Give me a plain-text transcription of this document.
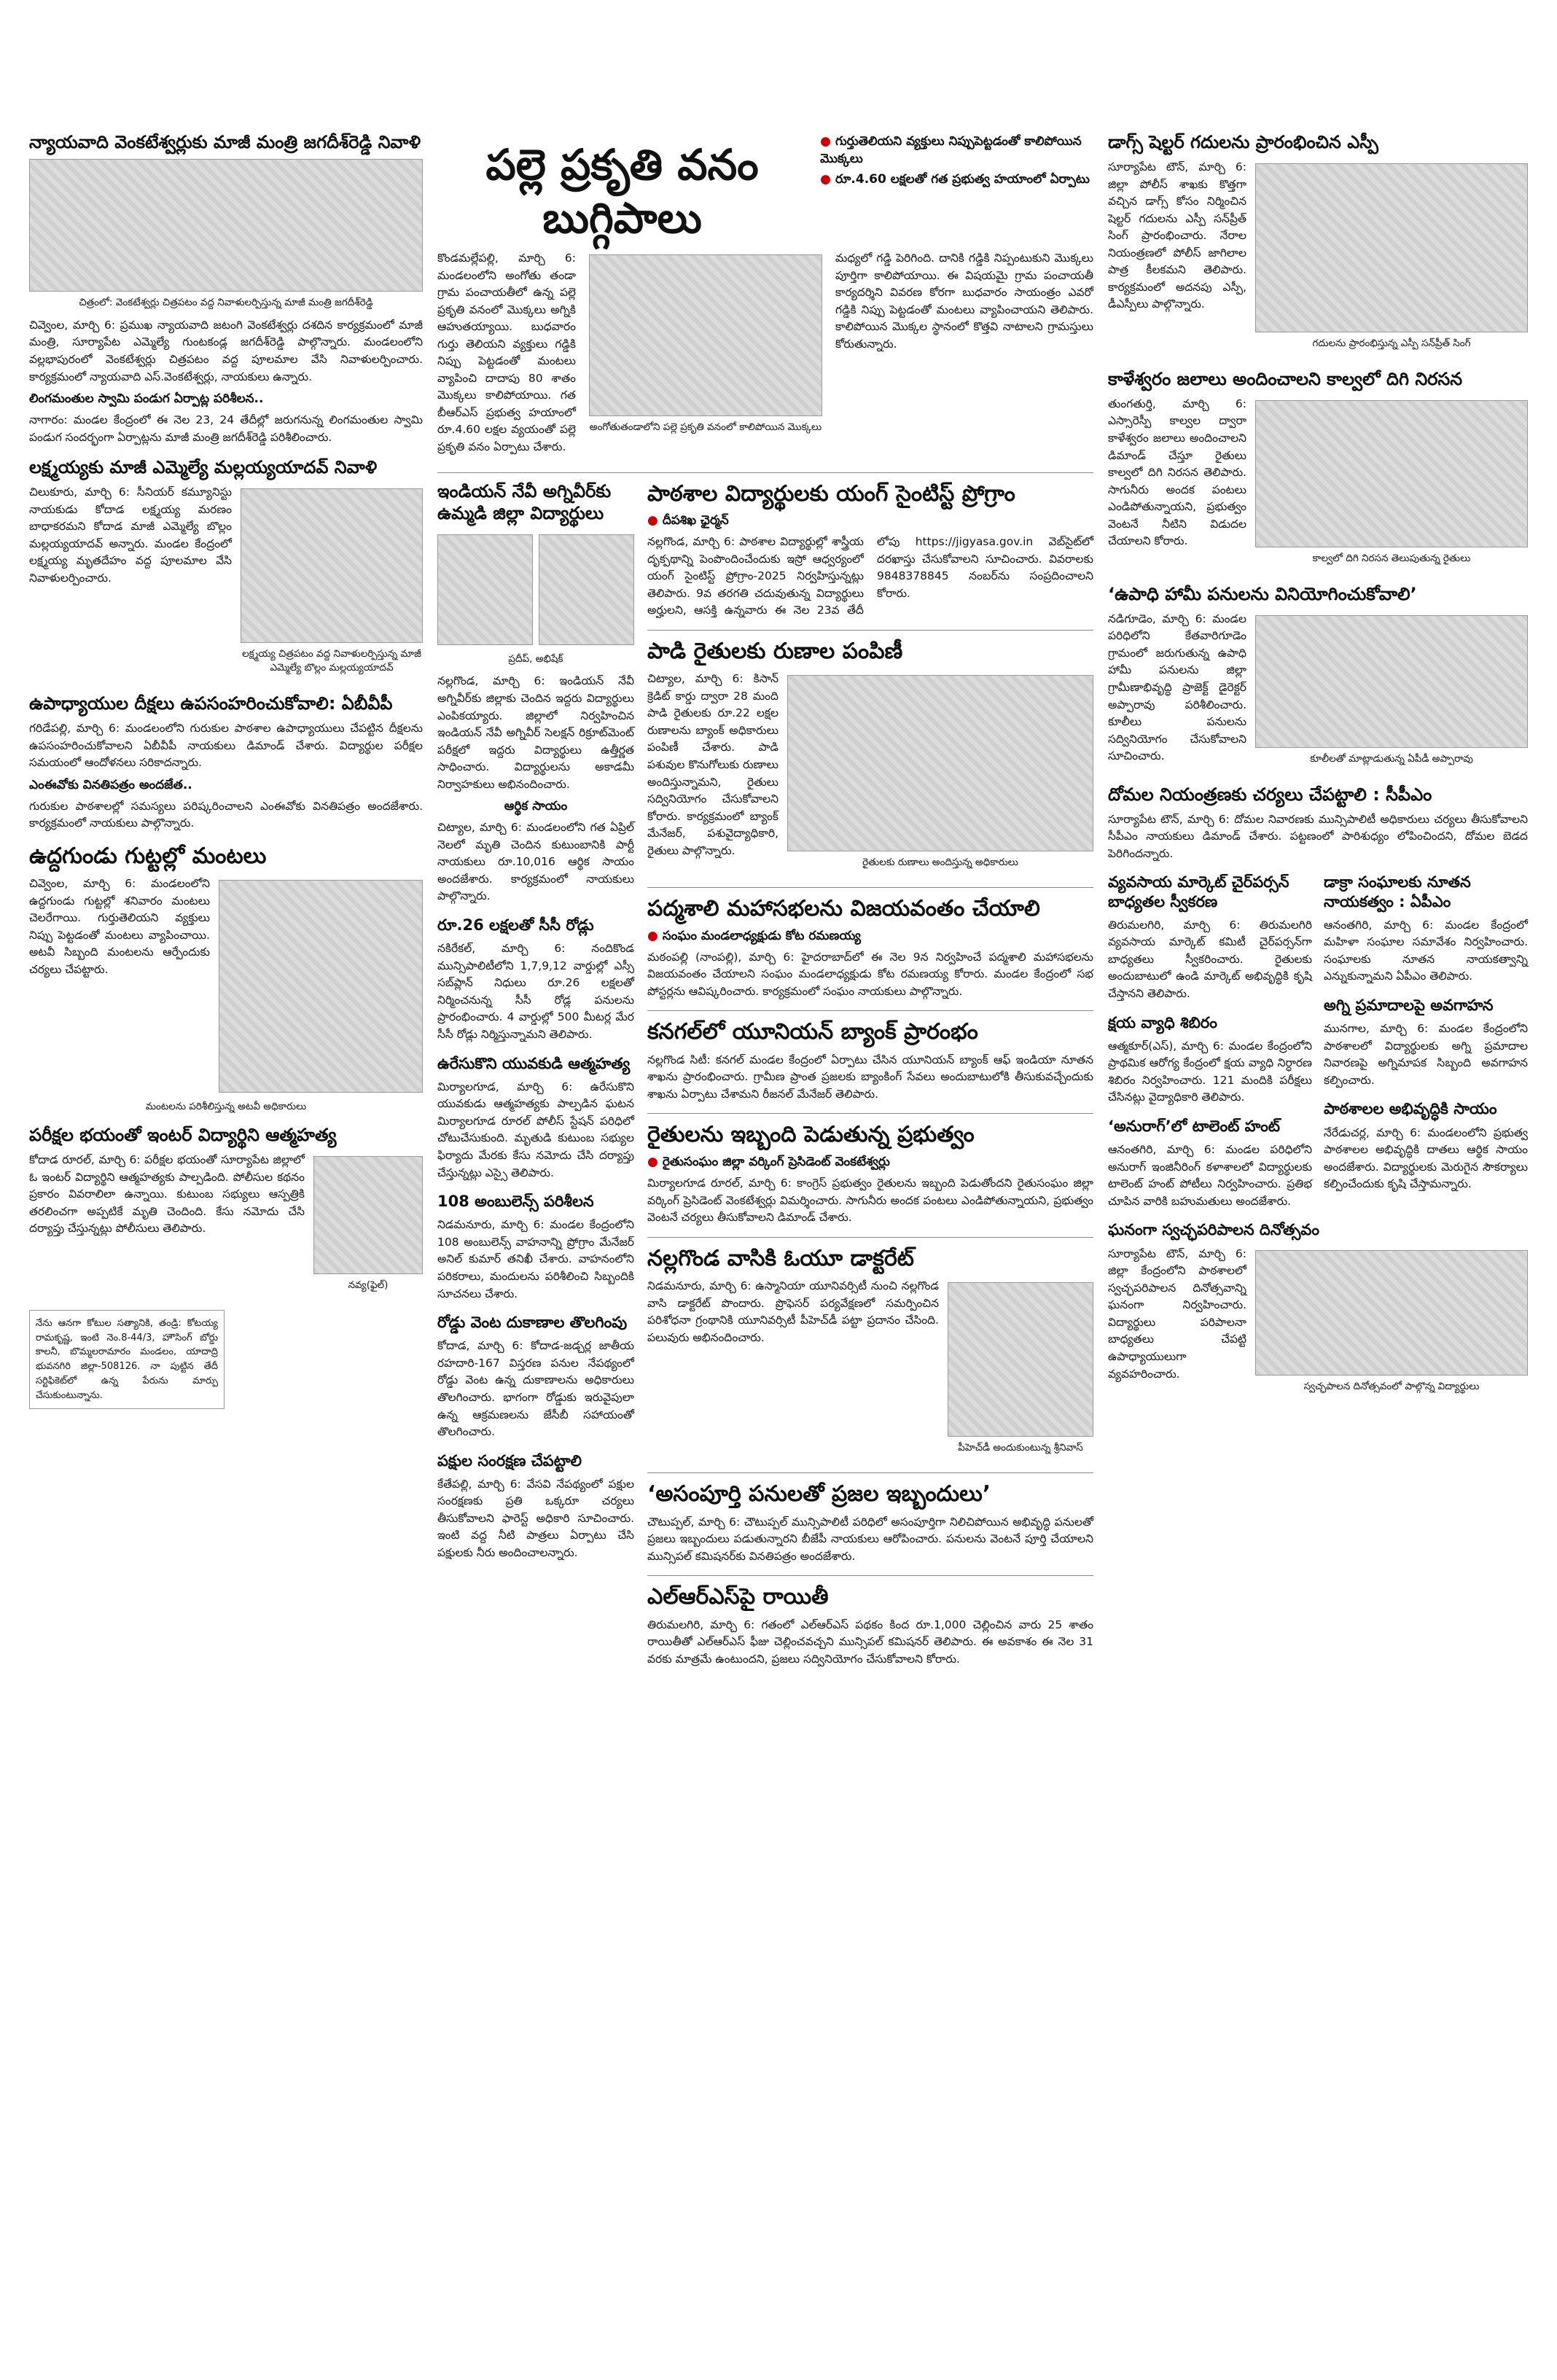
న్యాయవాది వెంకటేశ్వర్లుకు మాజీ మంత్రి జగదీశ్‌రెడ్డి నివాళి
చిత్రంలో: వెంకటేశ్వర్లు చిత్రపటం వద్ద నివాళులర్పిస్తున్న మాజీ మంత్రి జగదీశ్‌రెడ్డి
చివ్వెంల, మార్చి 6: ప్రముఖ న్యాయవాది జటంగి వెంకటేశ్వర్లు దశదిన కార్యక్రమంలో మాజీ మంత్రి, సూర్యాపేట ఎమ్మెల్యే గుంటకండ్ల జగదీశ్‌రెడ్డి పాల్గొన్నారు. మండలంలోని వల్లభాపురంలో వెంకటేశ్వర్లు చిత్రపటం వద్ద పూలమాల వేసి నివాళులర్పించారు. కార్యక్రమంలో న్యాయవాది ఎస్.వెంకటేశ్వర్లు, నాయకులు ఉన్నారు.
లింగమంతుల స్వామి పండుగ ఏర్పాట్ల పరిశీలన..
నాగారం: మండల కేంద్రంలో ఈ నెల 23, 24 తేదీల్లో జరుగనున్న లింగమంతుల స్వామి పండుగ సందర్భంగా ఏర్పాట్లను మాజీ మంత్రి జగదీశ్‌రెడ్డి పరిశీలించారు.
లక్ష్మయ్యకు మాజీ ఎమ్మెల్యే మల్లయ్యయాదవ్‌ నివాళి
చిలుకూరు, మార్చి 6: సీనియర్ కమ్యూనిస్టు నాయకుడు కోదాడ లక్ష్మయ్య మరణం బాధాకరమని కోదాడ మాజీ ఎమ్మెల్యే బొల్లం మల్లయ్యయాదవ్ అన్నారు. మండల కేంద్రంలో లక్ష్మయ్య మృతదేహం వద్ద పూలమాల వేసి నివాళులర్పించారు.
లక్ష్మయ్య చిత్రపటం వద్ద నివాళులర్పిస్తున్న మాజీ ఎమ్మెల్యే బొల్లం మల్లయ్యయాదవ్
ఉపాధ్యాయుల దీక్షలు ఉపసంహరించుకోవాలి: ఏబీవీపీ
గరిడేపల్లి, మార్చి 6: మండలంలోని గురుకుల పాఠశాల ఉపాధ్యాయులు చేపట్టిన దీక్షలను ఉపసంహరించుకోవాలని ఏబీవీపీ నాయకులు డిమాండ్ చేశారు. విద్యార్థుల పరీక్షల సమయంలో ఆందోళనలు సరికాదన్నారు.
ఎంఈవోకు వినతిపత్రం అందజేత..
గురుకుల పాఠశాలల్లో సమస్యలు పరిష్కరించాలని ఎంఈవోకు వినతిపత్రం అందజేశారు. కార్యక్రమంలో నాయకులు పాల్గొన్నారు.
ఉద్దగుండు గుట్టల్లో మంటలు
చివ్వెంల, మార్చి 6: మండలంలోని ఉద్దగుండు గుట్టల్లో శనివారం మంటలు చెలరేగాయి. గుర్తుతెలియని వ్యక్తులు నిప్పు పెట్టడంతో మంటలు వ్యాపించాయి. అటవీ సిబ్బంది మంటలను ఆర్పేందుకు చర్యలు చేపట్టారు.
మంటలను పరిశీలిస్తున్న అటవీ అధికారులు
పరీక్షల భయంతో ఇంటర్ విద్యార్థిని ఆత్మహత్య
కోదాడ రూరల్, మార్చి 6: పరీక్షల భయంతో సూర్యాపేట జిల్లాలో ఓ ఇంటర్ విద్యార్థిని ఆత్మహత్యకు పాల్పడింది. పోలీసుల కథనం ప్రకారం వివరాలిలా ఉన్నాయి. కుటుంబ సభ్యులు ఆస్పత్రికి తరలించగా అప్పటికే మృతి చెందింది. కేసు నమోదు చేసి దర్యాప్తు చేస్తున్నట్లు పోలీసులు తెలిపారు.
నవ్య(ఫైల్)
నేను ఆనగా కోటుల సత్యానికి, తండ్రి: కోటయ్య రామకృష్ణ, ఇంటి నెం.8-44/3, హౌసింగ్ బోర్డు కాలనీ, బొమ్మలరామారం మండలం, యాదాద్రి భువనగిరి జిల్లా-508126. నా పుట్టిన తేదీ సర్టిఫికెట్‌లో ఉన్న పేరును మార్పు చేసుకుంటున్నాను.
పల్లె ప్రకృతి వనం బుగ్గిపాలు
● గుర్తుతెలియని వ్యక్తులు నిప్పుపెట్టడంతో కాలిపోయిన మొక్కలు
● రూ.4.60 లక్షలతో గత ప్రభుత్వ హయాంలో ఏర్పాటు
కొండమల్లేపల్లి, మార్చి 6: మండలంలోని అంగోతు తండా గ్రామ పంచాయతీలో ఉన్న పల్లె ప్రకృతి వనంలో మొక్కలు అగ్నికి ఆహుతయ్యాయి. బుధవారం గుర్తు తెలియని వ్యక్తులు గడ్డికి నిప్పు పెట్టడంతో మంటలు వ్యాపించి దాదాపు 80 శాతం మొక్కలు కాలిపోయాయి. గత బీఆర్ఎస్ ప్రభుత్వ హయాంలో రూ.4.60 లక్షల వ్యయంతో పల్లె ప్రకృతి వనం ఏర్పాటు చేశారు.
అంగోతుతండాలోని పల్లె ప్రకృతి వనంలో కాలిపోయిన మొక్కలు
మధ్యలో గడ్డి పెరిగింది. దానికి గడ్డికి నిప్పంటుకుని మొక్కలు పూర్తిగా కాలిపోయాయి. ఈ విషయమై గ్రామ పంచాయతీ కార్యదర్శిని వివరణ కోరగా బుధవారం సాయంత్రం ఎవరో గడ్డికి నిప్పు పెట్టడంతో మంటలు వ్యాపించాయని తెలిపారు. కాలిపోయిన మొక్కల స్థానంలో కొత్తవి నాటాలని గ్రామస్తులు కోరుతున్నారు.
ఇండియన్ నేవీ అగ్నివీర్‌కు ఉమ్మడి జిల్లా విద్యార్థులు
ప్రదీప్, అభిషేక్
నల్లగొండ, మార్చి 6: ఇండియన్ నేవీ అగ్నివీర్‌కు జిల్లాకు చెందిన ఇద్దరు విద్యార్థులు ఎంపికయ్యారు. జిల్లాలో నిర్వహించిన ఇండియన్ నేవీ అగ్నివీర్ సెలక్షన్ రిక్రూట్‌మెంట్ పరీక్షలో ఇద్దరు విద్యార్థులు ఉత్తీర్ణత సాధించారు. విద్యార్థులను అకాడమీ నిర్వాహకులు అభినందించారు.
ఆర్థిక సాయం
చిట్యాల, మార్చి 6: మండలంలోని గత ఏప్రిల్ నెలలో మృతి చెందిన కుటుంబానికి పార్టీ నాయకులు రూ.10,016 ఆర్థిక సాయం అందజేశారు. కార్యక్రమంలో నాయకులు పాల్గొన్నారు.
రూ.26 లక్షలతో సీసీ రోడ్లు
నకిరేకల్, మార్చి 6: నందికొండ మున్సిపాలిటీలోని 1,7,9,12 వార్డుల్లో ఎస్సీ సబ్‌ప్లాన్ నిధులు రూ.26 లక్షలతో నిర్మించనున్న సీసీ రోడ్ల పనులను ప్రారంభించారు. 4 వార్డుల్లో 500 మీటర్ల మేర సీసీ రోడ్లు నిర్మిస్తున్నామని తెలిపారు.
ఉరేసుకొని యువకుడి ఆత్మహత్య
మిర్యాలగూడ, మార్చి 6: ఉరేసుకొని యువకుడు ఆత్మహత్యకు పాల్పడిన ఘటన మిర్యాలగూడ రూరల్ పోలీస్ స్టేషన్ పరిధిలో చోటుచేసుకుంది. మృతుడి కుటుంబ సభ్యుల ఫిర్యాదు మేరకు కేసు నమోదు చేసి దర్యాప్తు చేస్తున్నట్లు ఎస్సై తెలిపారు.
108 అంబులెన్స్ పరిశీలన
నిడమనూరు, మార్చి 6: మండల కేంద్రంలోని 108 అంబులెన్స్ వాహనాన్ని ప్రోగ్రాం మేనేజర్ అనిల్ కుమార్ తనిఖీ చేశారు. వాహనంలోని పరికరాలు, మందులను పరిశీలించి సిబ్బందికి సూచనలు చేశారు.
రోడ్డు వెంట దుకాణాల తొలగింపు
కోదాడ, మార్చి 6: కోదాడ-జడ్చర్ల జాతీయ రహదారి-167 విస్తరణ పనుల నేపథ్యంలో రోడ్డు వెంట ఉన్న దుకాణాలను అధికారులు తొలగించారు. భాగంగా రోడ్డుకు ఇరువైపులా ఉన్న ఆక్రమణలను జేసీబీ సహాయంతో తొలగించారు.
పక్షుల సంరక్షణ చేపట్టాలి
కేతేపల్లి, మార్చి 6: వేసవి నేపథ్యంలో పక్షుల సంరక్షణకు ప్రతి ఒక్కరూ చర్యలు తీసుకోవాలని ఫారెస్ట్ అధికారి సూచించారు. ఇంటి వద్ద నీటి పాత్రలు ఏర్పాటు చేసి పక్షులకు నీరు అందించాలన్నారు.
పాఠశాల విద్యార్థులకు యంగ్ సైంటిస్ట్ ప్రోగ్రాం
● దీపశిఖ ఛైర్మన్
నల్లగొండ, మార్చి 6: పాఠశాల విద్యార్థుల్లో శాస్త్రీయ దృక్పథాన్ని పెంపొందించేందుకు ఇస్రో ఆధ్వర్యంలో యంగ్ సైంటిస్ట్ ప్రోగ్రాం-2025 నిర్వహిస్తున్నట్లు తెలిపారు. 9వ తరగతి చదువుతున్న విద్యార్థులు అర్హులని, ఆసక్తి ఉన్నవారు ఈ నెల 23వ తేదీ లోపు https://jigyasa.gov.in వెబ్‌సైట్‌లో దరఖాస్తు చేసుకోవాలని సూచించారు. వివరాలకు 9848378845 నంబర్‌ను సంప్రదించాలని కోరారు.
పాడి రైతులకు రుణాల పంపిణీ
చిట్యాల, మార్చి 6: కిసాన్ క్రెడిట్ కార్డు ద్వారా 28 మంది పాడి రైతులకు రూ.22 లక్షల రుణాలను బ్యాంక్ అధికారులు పంపిణీ చేశారు. పాడి పశువుల కొనుగోలుకు రుణాలు అందిస్తున్నామని, రైతులు సద్వినియోగం చేసుకోవాలని కోరారు. కార్యక్రమంలో బ్యాంక్ మేనేజర్, పశువైద్యాధికారి, రైతులు పాల్గొన్నారు.
రైతులకు రుణాలు అందిస్తున్న అధికారులు
పద్మశాలి మహాసభలను విజయవంతం చేయాలి
● సంఘం మండలాధ్యక్షుడు కోట రమణయ్య
మఠంపల్లి (నాంపల్లి), మార్చి 6: హైదరాబాద్‌లో ఈ నెల 9న నిర్వహించే పద్మశాలి మహాసభలను విజయవంతం చేయాలని సంఘం మండలాధ్యక్షుడు కోట రమణయ్య కోరారు. మండల కేంద్రంలో సభ పోస్టర్లను ఆవిష్కరించారు. కార్యక్రమంలో సంఘం నాయకులు పాల్గొన్నారు.
కనగల్‌లో యూనియన్ బ్యాంక్ ప్రారంభం
నల్లగొండ సిటీ: కనగల్ మండల కేంద్రంలో ఏర్పాటు చేసిన యూనియన్ బ్యాంక్ ఆఫ్ ఇండియా నూతన శాఖను ప్రారంభించారు. గ్రామీణ ప్రాంత ప్రజలకు బ్యాంకింగ్ సేవలు అందుబాటులోకి తీసుకువచ్చేందుకు శాఖను ఏర్పాటు చేశామని రీజనల్ మేనేజర్ తెలిపారు.
రైతులను ఇబ్బంది పెడుతున్న ప్రభుత్వం
● రైతుసంఘం జిల్లా వర్కింగ్ ప్రెసిడెంట్ వెంకటేశ్వర్లు
మిర్యాలగూడ రూరల్, మార్చి 6: కాంగ్రెస్ ప్రభుత్వం రైతులను ఇబ్బంది పెడుతోందని రైతుసంఘం జిల్లా వర్కింగ్ ప్రెసిడెంట్ వెంకటేశ్వర్లు విమర్శించారు. సాగునీరు అందక పంటలు ఎండిపోతున్నాయని, ప్రభుత్వం వెంటనే చర్యలు తీసుకోవాలని డిమాండ్ చేశారు.
నల్లగొండ వాసికి ఓయూ డాక్టరేట్
నిడమనూరు, మార్చి 6: ఉస్మానియా యూనివర్సిటీ నుంచి నల్లగొండ వాసి డాక్టరేట్ పొందారు. ప్రొఫెసర్ పర్యవేక్షణలో సమర్పించిన పరిశోధనా గ్రంథానికి యూనివర్సిటీ పీహెచ్‌డీ పట్టా ప్రదానం చేసింది. పలువురు అభినందించారు.
పీహెచ్‌డీ అందుకుంటున్న శ్రీనివాస్
‘అసంపూర్తి పనులతో ప్రజల ఇబ్బందులు’
చౌటుప్పల్, మార్చి 6: చౌటుప్పల్ మున్సిపాలిటీ పరిధిలో అసంపూర్తిగా నిలిచిపోయిన అభివృద్ధి పనులతో ప్రజలు ఇబ్బందులు పడుతున్నారని బీజేపీ నాయకులు ఆరోపించారు. పనులను వెంటనే పూర్తి చేయాలని మున్సిపల్ కమిషనర్‌కు వినతిపత్రం అందజేశారు.
ఎల్ఆర్ఎస్‌పై రాయితీ
తిరుమలగిరి, మార్చి 6: గతంలో ఎల్ఆర్ఎస్ పథకం కింద రూ.1,000 చెల్లించిన వారు 25 శాతం రాయితీతో ఎల్ఆర్ఎస్ ఫీజు చెల్లించవచ్చని మున్సిపల్ కమిషనర్ తెలిపారు. ఈ అవకాశం ఈ నెల 31 వరకు మాత్రమే ఉంటుందని, ప్రజలు సద్వినియోగం చేసుకోవాలని కోరారు.
డాగ్స్ షెల్టర్ గదులను ప్రారంభించిన ఎస్పీ
సూర్యాపేట టౌన్, మార్చి 6: జిల్లా పోలీస్ శాఖకు కొత్తగా వచ్చిన డాగ్స్ కోసం నిర్మించిన షెల్టర్ గదులను ఎస్పీ సన్‌ప్రీత్ సింగ్ ప్రారంభించారు. నేరాల నియంత్రణలో పోలీస్ జాగిలాల పాత్ర కీలకమని తెలిపారు. కార్యక్రమంలో అదనపు ఎస్పీ, డీఎస్పీలు పాల్గొన్నారు.
గదులను ప్రారంభిస్తున్న ఎస్పీ సన్‌ప్రీత్ సింగ్
కాళేశ్వరం జలాలు అందించాలని కాల్వలో దిగి నిరసన
తుంగతుర్తి, మార్చి 6: ఎస్సారెస్పీ కాల్వల ద్వారా కాళేశ్వరం జలాలు అందించాలని డిమాండ్ చేస్తూ రైతులు కాల్వలో దిగి నిరసన తెలిపారు. సాగునీరు అందక పంటలు ఎండిపోతున్నాయని, ప్రభుత్వం వెంటనే నీటిని విడుదల చేయాలని కోరారు.
కాల్వలో దిగి నిరసన తెలుపుతున్న రైతులు
‘ఉపాధి హామీ పనులను వినియోగించుకోవాలి’
నడిగూడెం, మార్చి 6: మండల పరిధిలోని కేతవారిగూడెం గ్రామంలో జరుగుతున్న ఉపాధి హామీ పనులను జిల్లా గ్రామీణాభివృద్ధి ప్రాజెక్ట్ డైరెక్టర్ అప్పారావు పరిశీలించారు. కూలీలు పనులను సద్వినియోగం చేసుకోవాలని సూచించారు.	కూలీలతో మాట్లాడుతున్న ఏపీడీ అప్పారావు
దోమల నియంత్రణకు చర్యలు చేపట్టాలి : సీపీఎం
సూర్యాపేట టౌన్, మార్చి 6: దోమల నివారణకు మున్సిపాలిటీ అధికారులు చర్యలు తీసుకోవాలని సీపీఎం నాయకులు డిమాండ్ చేశారు. పట్టణంలో పారిశుధ్యం లోపించిందని, దోమల బెడద పెరిగిందన్నారు.
వ్యవసాయ మార్కెట్ చైర్‌పర్సన్ బాధ్యతల స్వీకరణ
తిరుమలగిరి, మార్చి 6: తిరుమలగిరి వ్యవసాయ మార్కెట్ కమిటీ చైర్‌పర్సన్‌గా బాధ్యతలు స్వీకరించారు. రైతులకు అందుబాటులో ఉండి మార్కెట్ అభివృద్ధికి కృషి చేస్తానని తెలిపారు.
క్షయ వ్యాధి శిబిరం
ఆత్మకూర్(ఎస్), మార్చి 6: మండల కేంద్రంలోని ప్రాథమిక ఆరోగ్య కేంద్రంలో క్షయ వ్యాధి నిర్ధారణ శిబిరం నిర్వహించారు. 121 మందికి పరీక్షలు చేసినట్లు వైద్యాధికారి తెలిపారు.
‘అనురాగ్’లో టాలెంట్ హంట్
ఆనంతగిరి, మార్చి 6: మండల పరిధిలోని అనురాగ్ ఇంజినీరింగ్ కళాశాలలో విద్యార్థులకు టాలెంట్ హంట్ పోటీలు నిర్వహించారు. ప్రతిభ చూపిన వారికి బహుమతులు అందజేశారు.
డాక్రా సంఘాలకు నూతన నాయకత్వం : ఏపీఎం
ఆనంతగిరి, మార్చి 6: మండల కేంద్రంలో మహిళా సంఘాల సమావేశం నిర్వహించారు. సంఘాలకు నూతన నాయకత్వాన్ని ఎన్నుకున్నామని ఏపీఎం తెలిపారు.
అగ్ని ప్రమాదాలపై అవగాహన
మునగాల, మార్చి 6: మండల కేంద్రంలోని పాఠశాలలో విద్యార్థులకు అగ్ని ప్రమాదాల నివారణపై అగ్నిమాపక సిబ్బంది అవగాహన కల్పించారు.
పాఠశాలల అభివృద్ధికి సాయం
నేరేడుచర్ల, మార్చి 6: మండలంలోని ప్రభుత్వ పాఠశాలల అభివృద్ధికి దాతలు ఆర్థిక సాయం అందజేశారు. విద్యార్థులకు మెరుగైన సౌకర్యాలు కల్పించేందుకు కృషి చేస్తామన్నారు.
ఘనంగా స్వచ్ఛపరిపాలన దినోత్సవం
సూర్యాపేట టౌన్, మార్చి 6: జిల్లా కేంద్రంలోని పాఠశాలలో స్వచ్ఛపరిపాలన దినోత్సవాన్ని ఘనంగా నిర్వహించారు. విద్యార్థులు పరిపాలనా బాధ్యతలు చేపట్టి ఉపాధ్యాయులుగా వ్యవహరించారు.
స్వచ్ఛపాలన దినోత్సవంలో పాల్గొన్న విద్యార్థులు
